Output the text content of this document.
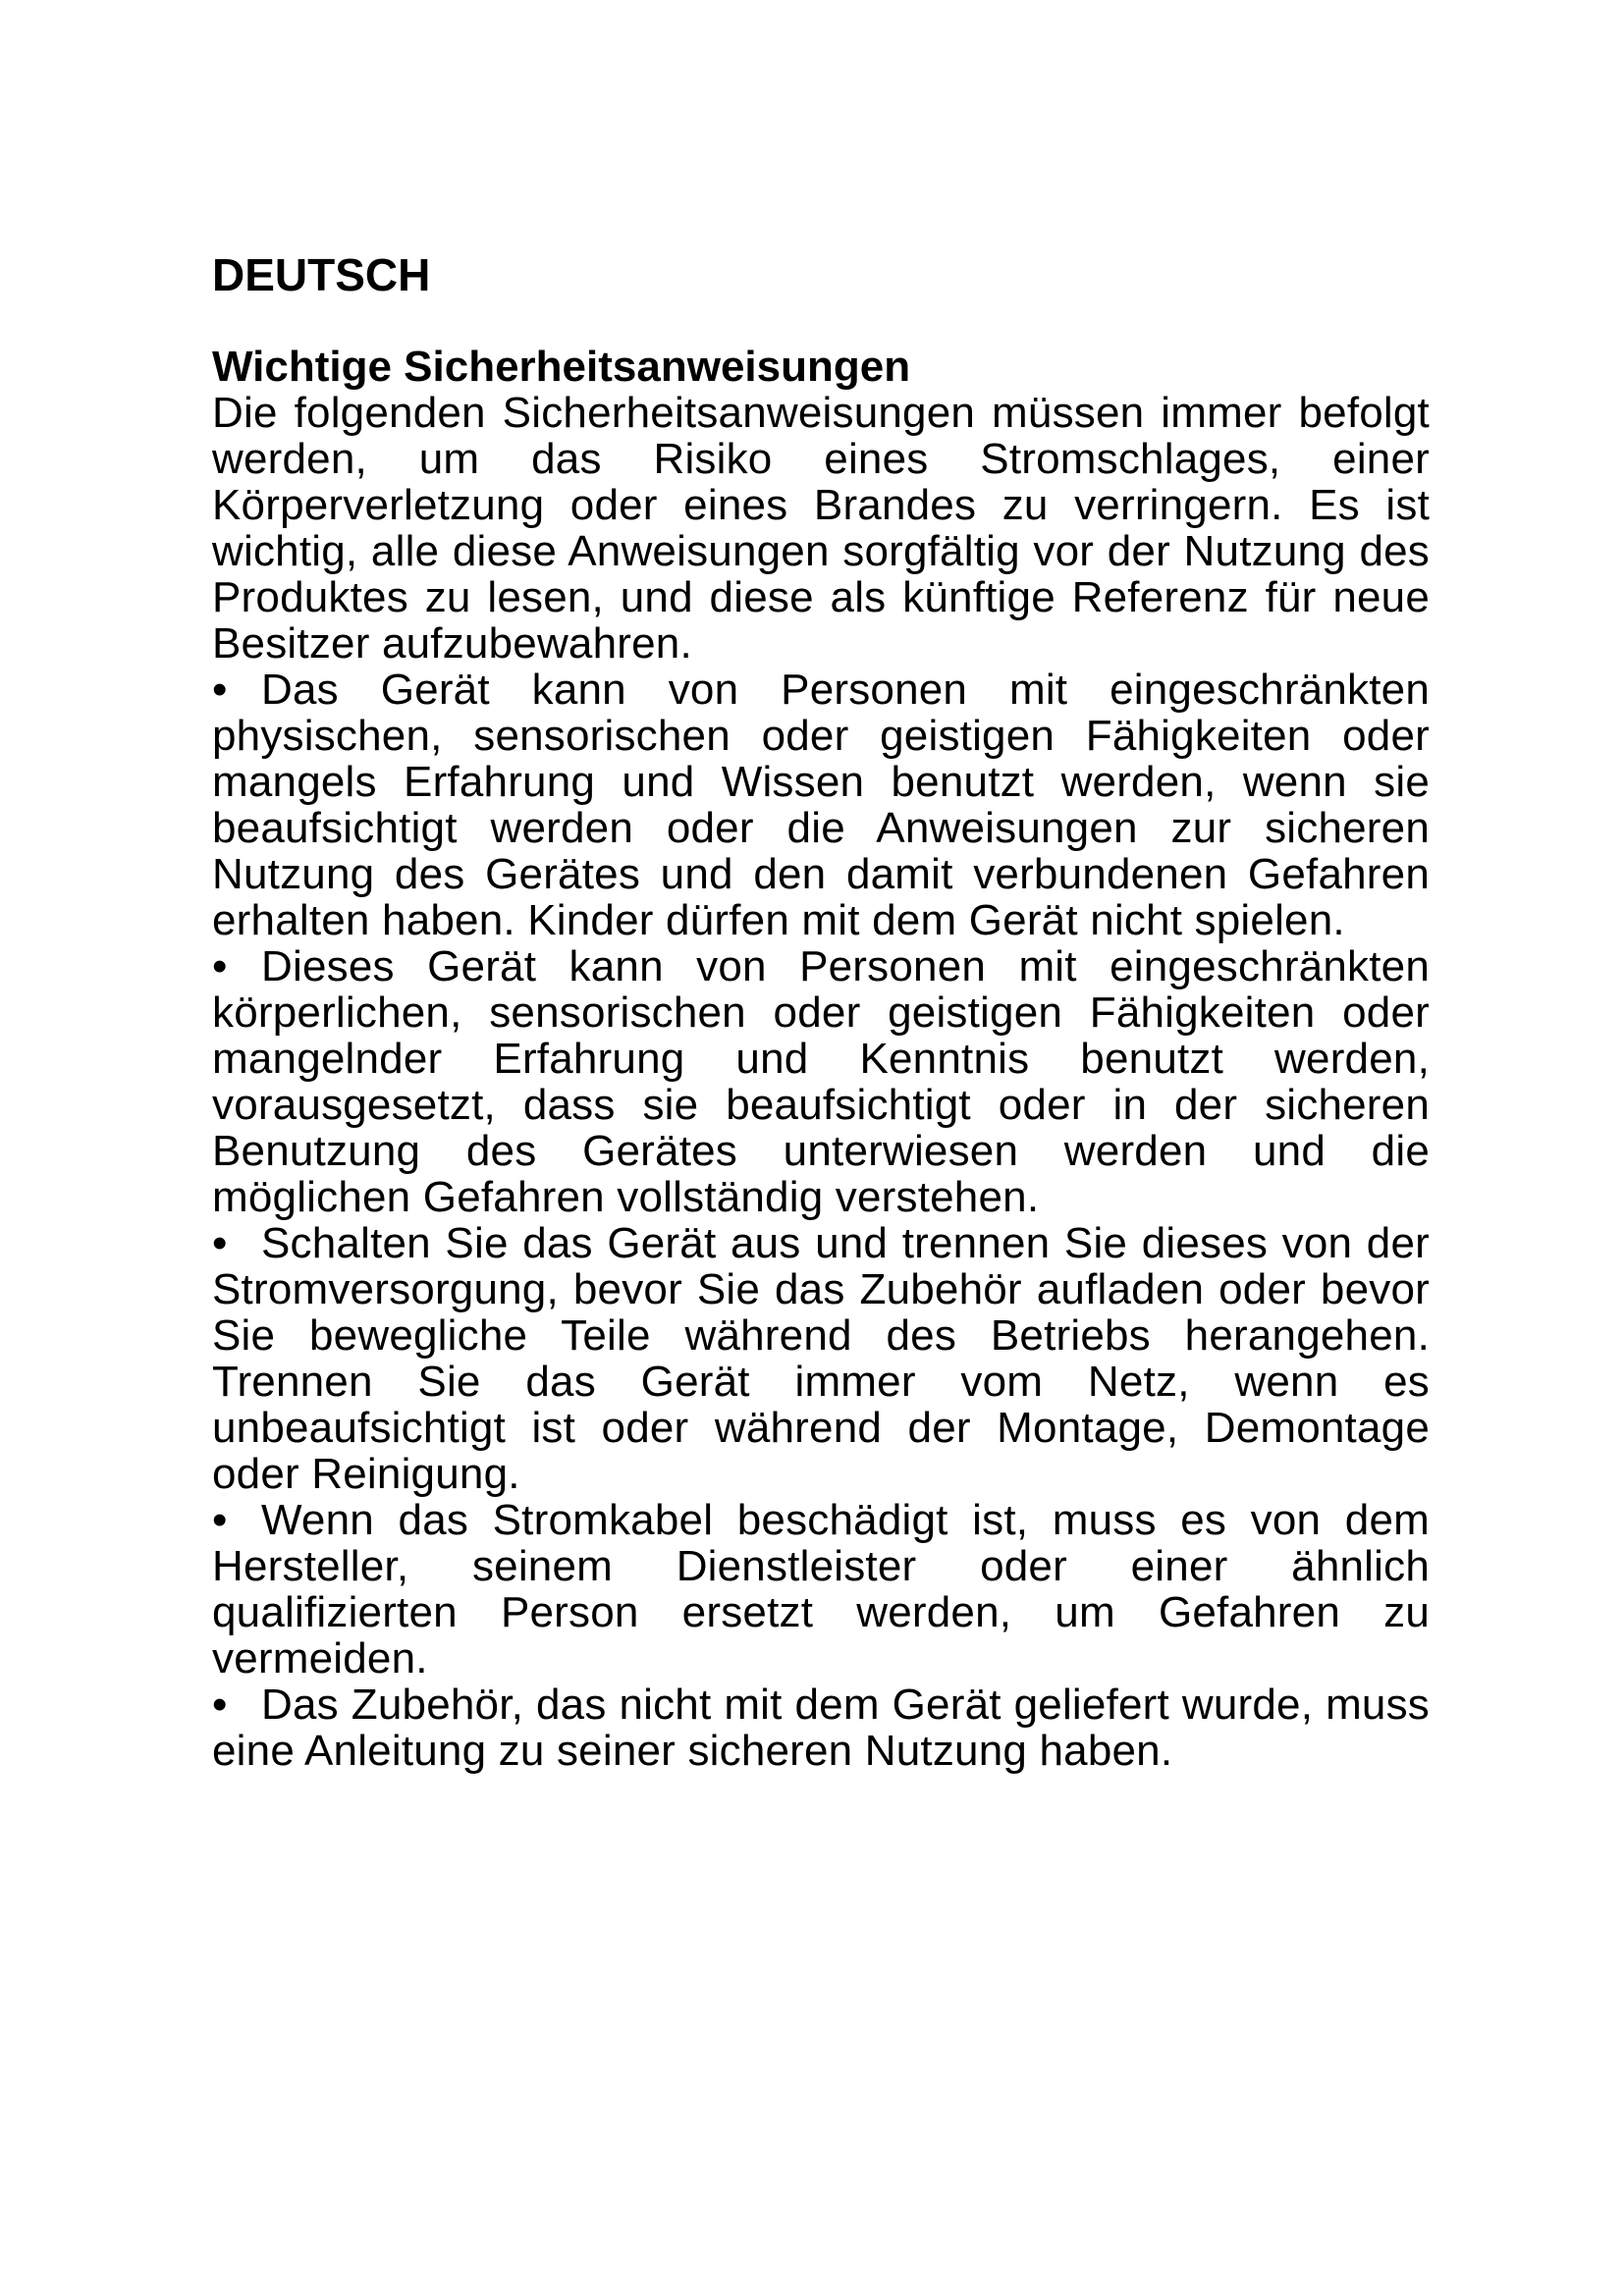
DEUTSCH
Wichtige Sicherheitsanweisungen

Die folgenden Sicherheitsanweisungen müssen immer befolgt werden, um das Risiko eines Stromschlages, einer Körperverletzung oder eines Brandes zu verringern. Es ist wichtig, alle diese Anweisungen sorgfältig vor der Nutzung des Produktes zu lesen, und diese als künftige Referenz für neue Besitzer aufzubewahren.

• Das Gerät kann von Personen mit eingeschränkten physischen, sensorischen oder geistigen Fähigkeiten oder mangels Erfahrung und Wissen benutzt werden, wenn sie beaufsichtigt werden oder die Anweisungen zur sicheren Nutzung des Gerätes und den damit verbundenen Gefahren erhalten haben. Kinder dürfen mit dem Gerät nicht spielen.
• Dieses Gerät kann von Personen mit eingeschränkten körperlichen, sensorischen oder geistigen Fähigkeiten oder mangelnder Erfahrung und Kenntnis benutzt werden, vorausgesetzt, dass sie beaufsichtigt oder in der sicheren Benutzung des Gerätes unterwiesen werden und die möglichen Gefahren vollständig verstehen.
• Schalten Sie das Gerät aus und trennen Sie dieses von der Stromversorgung, bevor Sie das Zubehör aufladen oder bevor Sie bewegliche Teile während des Betriebs herangehen. Trennen Sie das Gerät immer vom Netz, wenn es unbeaufsichtigt ist oder während der Montage, Demontage oder Reinigung.
• Wenn das Stromkabel beschädigt ist, muss es von dem Hersteller, seinem Dienstleister oder einer ähnlich qualifizierten Person ersetzt werden, um Gefahren zu vermeiden.
• Das Zubehör, das nicht mit dem Gerät geliefert wurde, muss eine Anleitung zu seiner sicheren Nutzung haben.
